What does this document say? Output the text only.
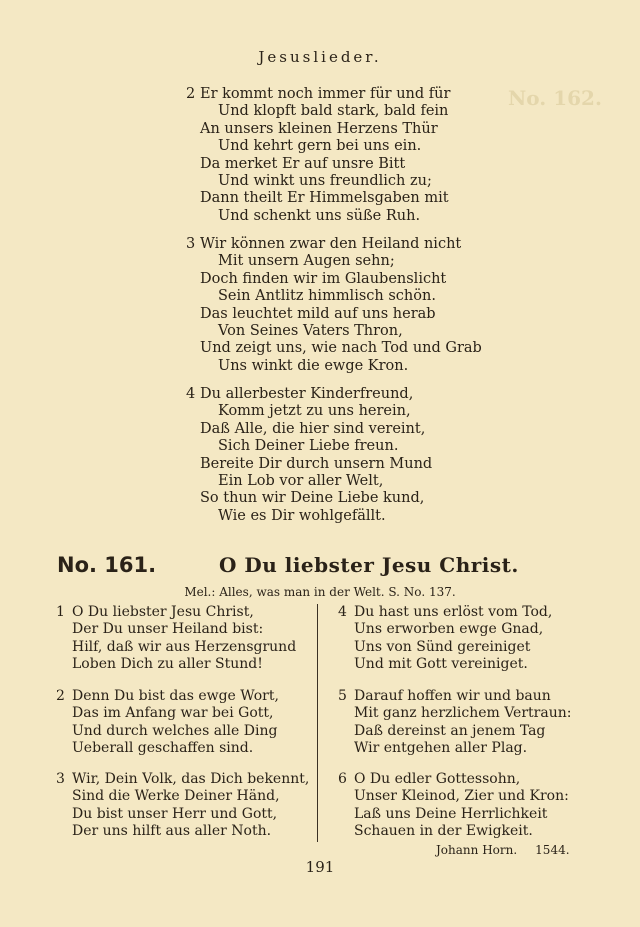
No. 162.
Jesuslieder.
2 Er kommt noch immer für und für
Und klopft bald stark, bald fein
An unsers kleinen Herzens Thür
Und kehrt gern bei uns ein.
Da merket Er auf unsre Bitt
Und winkt uns freundlich zu;
Dann theilt Er Himmelsgaben mit
Und schenkt uns süße Ruh.
3 Wir können zwar den Heiland nicht
Mit unsern Augen sehn;
Doch finden wir im Glaubenslicht
Sein Antlitz himmlisch schön.
Das leuchtet mild auf uns herab
Von Seines Vaters Thron,
Und zeigt uns, wie nach Tod und Grab
Uns winkt die ewge Kron.
4 Du allerbester Kinderfreund,
Komm jetzt zu uns herein,
Daß Alle, die hier sind vereint,
Sich Deiner Liebe freun.
Bereite Dir durch unsern Mund
Ein Lob vor aller Welt,
So thun wir Deine Liebe kund,
Wie es Dir wohlgefällt.
No. 161.	O Du liebster Jesu Christ.
Mel.: Alles, was man in der Welt. S. No. 137.
1 O Du liebster Jesu Christ,
Der Du unser Heiland bist:
Hilf, daß wir aus Herzensgrund
Loben Dich zu aller Stund!
2 Denn Du bist das ewge Wort,
Das im Anfang war bei Gott,
Und durch welches alle Ding
Ueberall geschaffen sind.
3 Wir, Dein Volk, das Dich bekennt,
Sind die Werke Deiner Händ,
Du bist unser Herr und Gott,
Der uns hilft aus aller Noth.
4 Du hast uns erlöst vom Tod,
Uns erworben ewge Gnad,
Uns von Sünd gereiniget
Und mit Gott vereiniget.
5 Darauf hoffen wir und baun
Mit ganz herzlichem Vertraun:
Daß dereinst an jenem Tag
Wir entgehen aller Plag.
6 O Du edler Gottessohn,
Unser Kleinod, Zier und Kron:
Laß uns Deine Herrlichkeit
Schauen in der Ewigkeit.
Johann Horn. 1544.
191
